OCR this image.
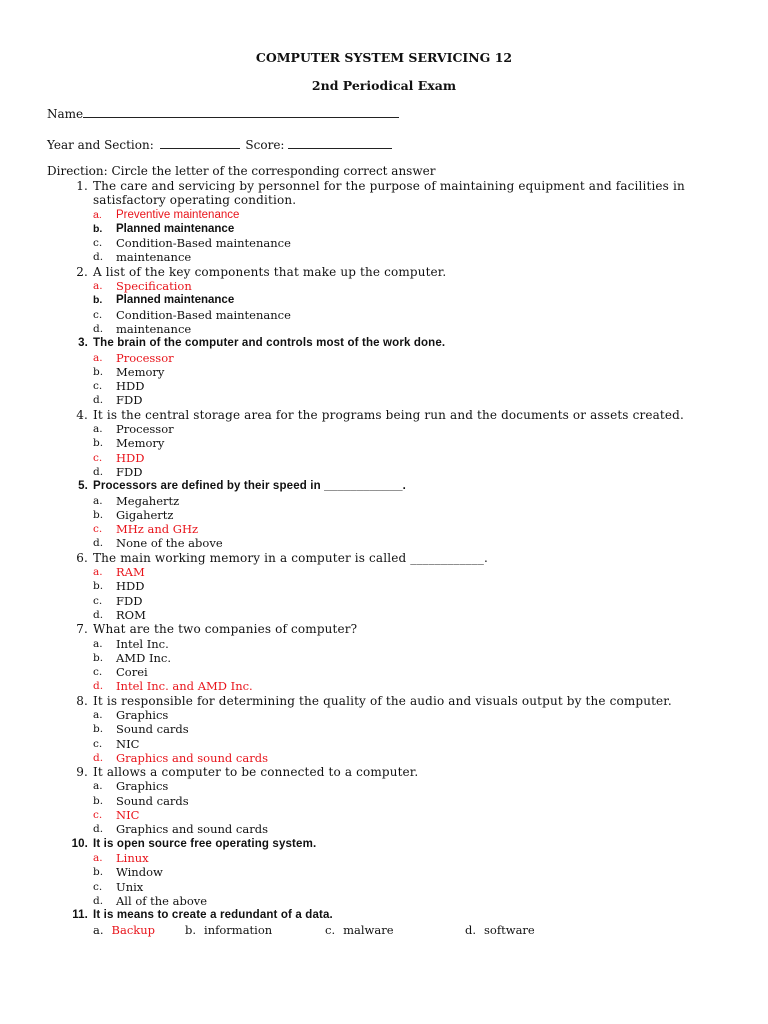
COMPUTER SYSTEM SERVICING 12
2nd Periodical Exam
Name
Year and Section:	Score:
Direction: Circle the letter of the corresponding correct answer
1. The care and servicing by personnel for the purpose of maintaining equipment and facilities in
satisfactory operating condition.
a. Preventive maintenance
b. Planned maintenance
c. Condition-Based maintenance
d. maintenance
2. A list of the key components that make up the computer.
a. Specification
b. Planned maintenance
c. Condition-Based maintenance
d. maintenance
3. The brain of the computer and controls most of the work done.
a. Processor
b. Memory
c. HDD
d. FDD
4. It is the central storage area for the programs being run and the documents or assets created.
a. Processor
b. Memory
c. HDD
d. FDD
5. Processors are defined by their speed in ____________.
a. Megahertz
b. Gigahertz
c. MHz and GHz
d. None of the above
6. The main working memory in a computer is called ____________.
a. RAM
b. HDD
c. FDD
d. ROM
7. What are the two companies of computer?
a. Intel Inc.
b. AMD Inc.
c. Corei
d. Intel Inc. and AMD Inc.
8. It is responsible for determining the quality of the audio and visuals output by the computer.
a. Graphics
b. Sound cards
c. NIC
d. Graphics and sound cards
9. It allows a computer to be connected to a computer.
a. Graphics
b. Sound cards
c. NIC
d. Graphics and sound cards
10. It is open source free operating system.
a. Linux
b. Window
c. Unix
d. All of the above
11. It is means to create a redundant of a data.
a. Backup	b. information	c. malware	d. software
